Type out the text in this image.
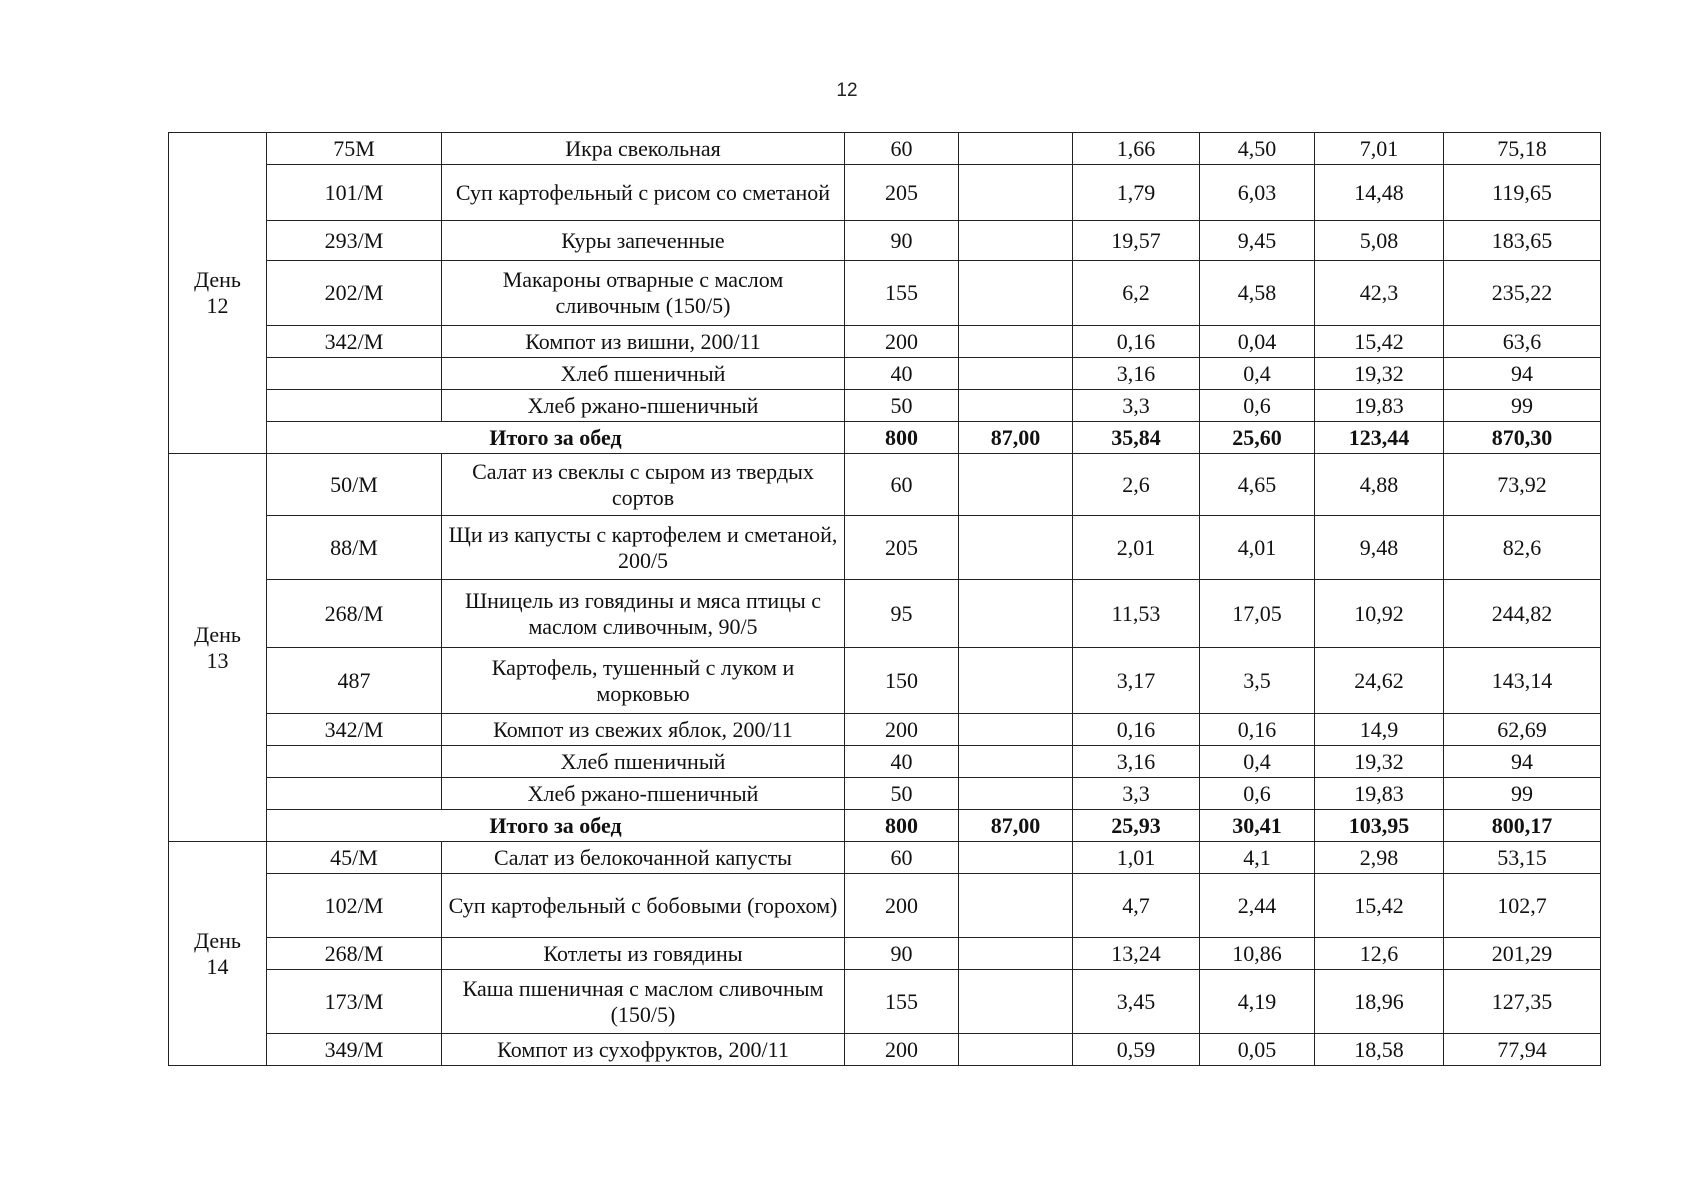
12
День
12	75М	Икра свекольная	60		1,66	4,50	7,01	75,18
	101/М	Суп картофельный с рисом со сметаной	205		1,79	6,03	14,48	119,65
	293/М	Куры запеченные	90		19,57	9,45	5,08	183,65
	202/М	Макароны отварные с маслом сливочным (150/5)	155		6,2	4,58	42,3	235,22
	342/М	Компот из вишни, 200/11	200		0,16	0,04	15,42	63,6
		Хлеб пшеничный	40		3,16	0,4	19,32	94
		Хлеб ржано-пшеничный	50		3,3	0,6	19,83	99
	Итого за обед		800	87,00	35,84	25,60	123,44	870,30
День
13	50/М	Салат из свеклы с сыром из твердых сортов	60		2,6	4,65	4,88	73,92
	88/М	Щи из капусты с картофелем и сметаной, 200/5	205		2,01	4,01	9,48	82,6
	268/М	Шницель из говядины и мяса птицы с маслом сливочным, 90/5	95		11,53	17,05	10,92	244,82
	487	Картофель, тушенный с луком и морковью	150		3,17	3,5	24,62	143,14
	342/М	Компот из свежих яблок, 200/11	200		0,16	0,16	14,9	62,69
		Хлеб пшеничный	40		3,16	0,4	19,32	94
		Хлеб ржано-пшеничный	50		3,3	0,6	19,83	99
	Итого за обед		800	87,00	25,93	30,41	103,95	800,17
День
14	45/М	Салат из белокочанной капусты	60		1,01	4,1	2,98	53,15
	102/М	Суп картофельный с бобовыми (горохом)	200		4,7	2,44	15,42	102,7
	268/М	Котлеты из говядины	90		13,24	10,86	12,6	201,29
	173/М	Каша пшеничная с маслом сливочным (150/5)	155		3,45	4,19	18,96	127,35
	349/М	Компот из сухофруктов, 200/11	200		0,59	0,05	18,58	77,94
